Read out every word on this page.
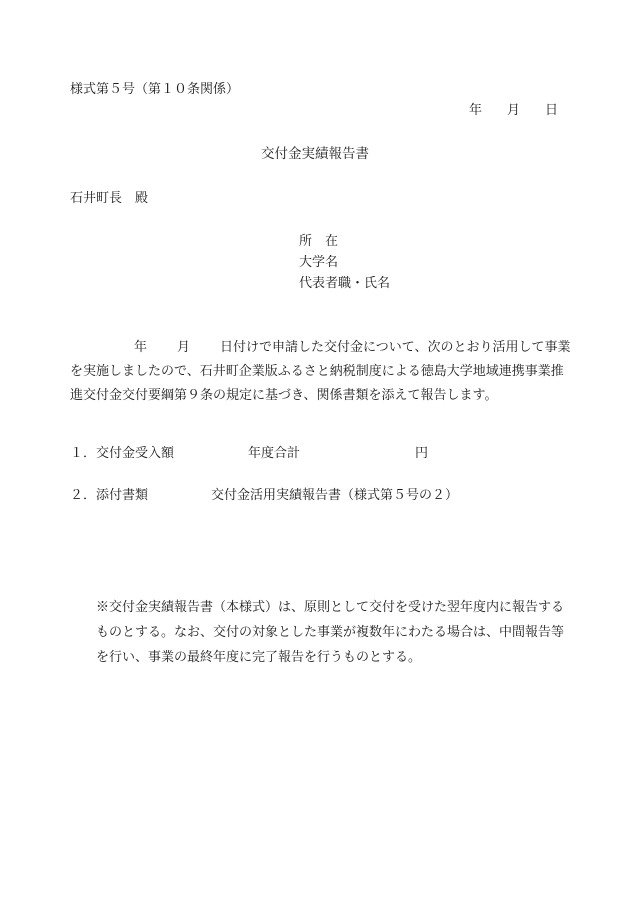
様式第５号（第１０条関係）
年	月	日
交付金実績報告書
石井町長　殿
所　在
大学名
代表者職・氏名
年 月 日付けで申請した交付金について、次のとおり活用して事業
を実施しましたので、石井町企業版ふるさと納税制度による徳島大学地域連携事業推
進交付金交付要綱第９条の規定に基づき、関係書類を添えて報告します。
１．交付金受入額	年度合計	円
２．添付書類	交付金活用実績報告書（様式第５号の２）
※交付金実績報告書（本様式）は、原則として交付を受けた翌年度内に報告する
ものとする。なお、交付の対象とした事業が複数年にわたる場合は、中間報告等
を行い、事業の最終年度に完了報告を行うものとする。
